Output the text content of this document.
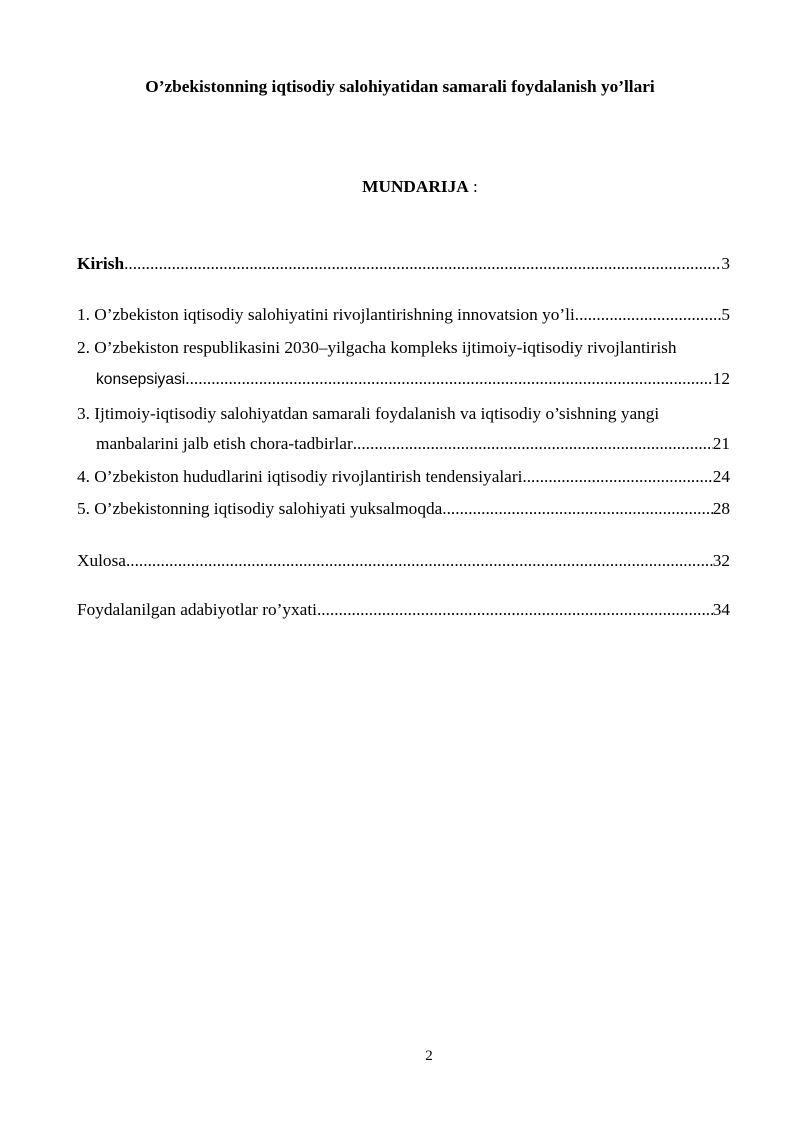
O’zbekistonning iqtisodiy salohiyatidan samarali foydalanish yo’llari
MUNDARIJA :
Kirish .....	3
1. O’zbekiston iqtisodiy salohiyatini rivojlantirishning innovatsion yo’li .....	5
2. O’zbekiston respublikasini 2030–yilgacha kompleks ijtimoiy-iqtisodiy rivojlantirish
konsepsiyasi .....	12
3. Ijtimoiy-iqtisodiy salohiyatdan samarali foydalanish va iqtisodiy o’sishning yangi
manbalarini jalb etish chora-tadbirlar .....	21
4. O’zbekiston hududlarini iqtisodiy rivojlantirish tendensiyalari .....	24
5. O’zbekistonning iqtisodiy salohiyati yuksalmoqda .....	28
Xulosa .....	32
Foydalanilgan adabiyotlar ro’yxati .....	34
2
